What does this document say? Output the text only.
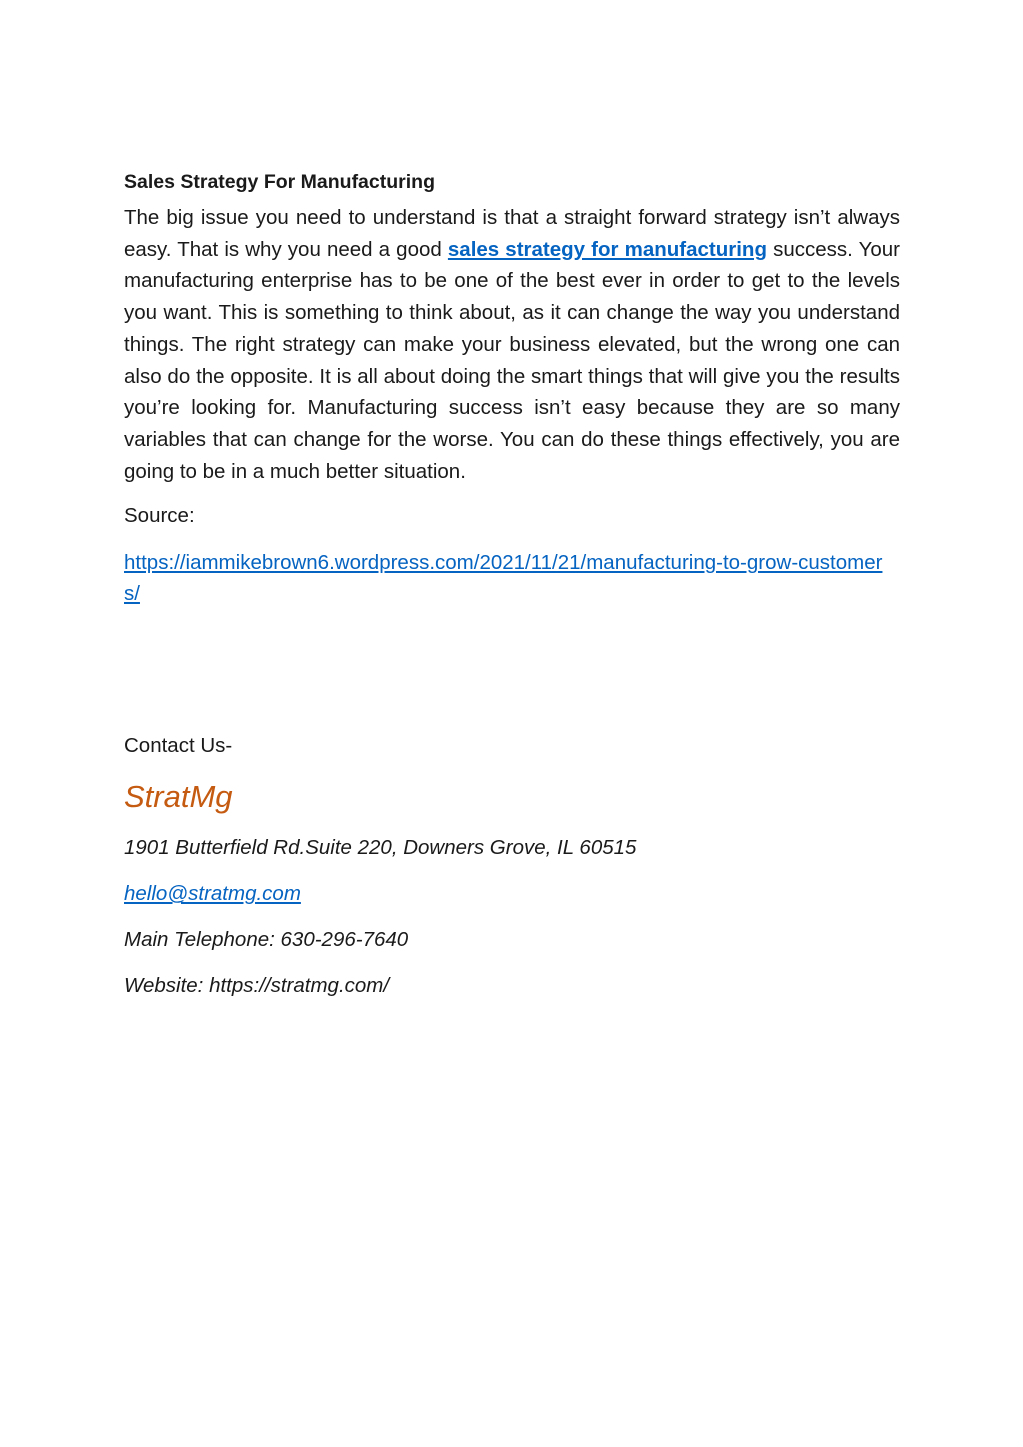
Sales Strategy For Manufacturing

The big issue you need to understand is that a straight forward strategy isn’t always easy. That is why you need a good sales strategy for manufacturing success. Your manufacturing enterprise has to be one of the best ever in order to get to the levels you want. This is something to think about, as it can change the way you understand things. The right strategy can make your business elevated, but the wrong one can also do the opposite. It is all about doing the smart things that will give you the results you’re looking for. Manufacturing success isn’t easy because they are so many variables that can change for the worse. You can do these things effectively, you are going to be in a much better situation.

Source:
https://iammikebrown6.wordpress.com/2021/11/21/manufacturing-to-grow-customers/
Contact Us-
StratMg
1901 Butterfield Rd.Suite 220, Downers Grove, IL 60515
hello@stratmg.com
Main Telephone: 630-296-7640
Website: https://stratmg.com/
